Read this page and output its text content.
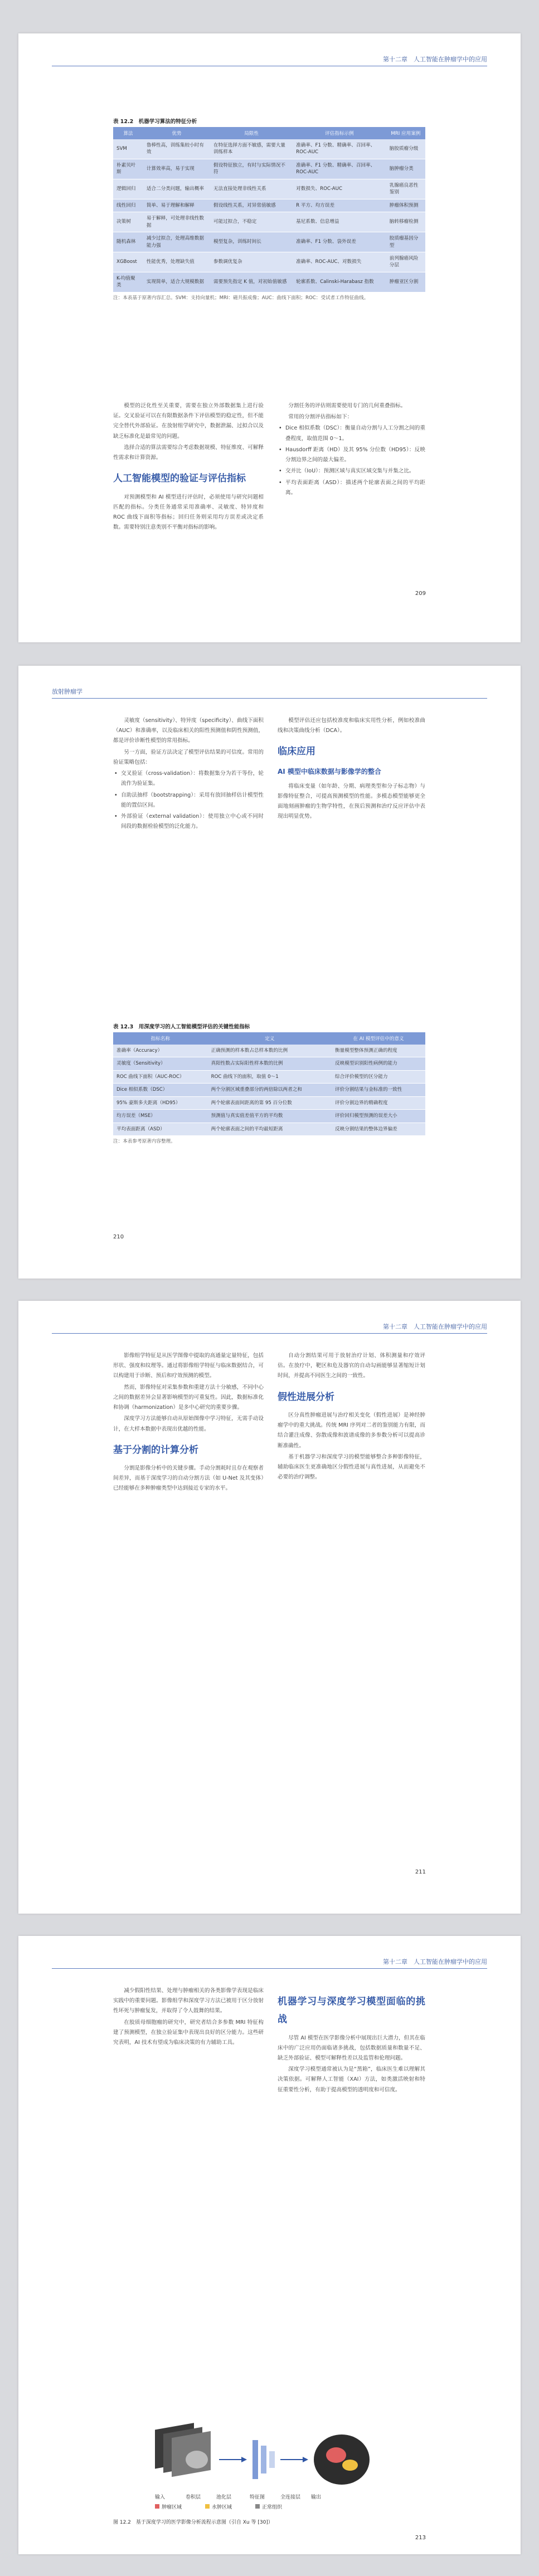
第十二章　人工智能在肿瘤学中的应用
表 12.2　机器学习算法的特征分析
算法	优势	局限性	评估指标示例	MRI 应用案例
SVM	鲁棒性高，训练集较小时有效	在特征选择方面不敏感，需要大量训练样本	准确率、F1 分数、精确率、召回率、ROC-AUC	脑胶质瘤分级
朴素贝叶斯	计算效率高，易于实现	假设特征独立，有时与实际情况不符	准确率、F1 分数、精确率、召回率、ROC-AUC	脑肿瘤分类
逻辑回归	适合二分类问题，输出概率	无法直接处理非线性关系	对数损失、ROC-AUC	乳腺癌良恶性鉴别
线性回归	简单、易于理解和解释	假设线性关系，对异常值敏感	R 平方、均方误差	肿瘤体积预测
决策树	易于解释，可处理非线性数据	可能过拟合，不稳定	基尼系数、信息增益	脑转移瘤检测
随机森林	减少过拟合，处理高维数据能力强	模型复杂，训练时间长	准确率、F1 分数、袋外误差	胶质瘤基因分型
XGBoost	性能优秀，处理缺失值	参数调优复杂	准确率、ROC-AUC、对数损失	前列腺癌风险分层
K-均值聚类	实现简单，适合大规模数据	需要预先指定 K 值，对初始值敏感	轮廓系数、Calinski-Harabasz 指数	肿瘤亚区分割
注：本表基于原著内容汇总。SVM：支持向量机；MRI：磁共振成像；AUC：曲线下面积；ROC：受试者工作特征曲线。

模型的泛化性至关重要，需要在独立外部数据集上进行验证。交叉验证可以在有限数据条件下评估模型的稳定性，但不能完全替代外部验证。在放射组学研究中，数据泄漏、过拟合以及缺乏标准化是最常见的问题。

选择合适的算法需要综合考虑数据规模、特征维度、可解释性需求和计算资源。

人工智能模型的验证与评估指标

对预测模型和 AI 模型进行评估时，必须使用与研究问题相匹配的指标。分类任务通常采用准确率、灵敏度、特异度和 ROC 曲线下面积等指标；回归任务则采用均方误差或决定系数。需要特别注意类别不平衡对指标的影响。

分割任务的评估则需要使用专门的几何重叠指标。

常用的分割评估指标如下：

• Dice 相似系数（DSC）：衡量自动分割与人工分割之间的重叠程度，取值范围 0～1。
• Hausdorff 距离（HD）及其 95% 分位数（HD95）：反映分割边界之间的最大偏差。
• 交并比（IoU）：预测区域与真实区域交集与并集之比。
• 平均表面距离（ASD）：描述两个轮廓表面之间的平均距离。
209
放射肿瘤学

灵敏度（sensitivity）、特异度（specificity）、曲线下面积（AUC）和准确率，以及临床相关的阳性预测值和阴性预测值，都是评价诊断性模型的常用指标。

另一方面，验证方法决定了模型评估结果的可信度。常用的验证策略包括：

• 交叉验证（cross-validation）：将数据集分为若干等份，轮流作为验证集。
• 自助法抽样（bootstrapping）：采用有放回抽样估计模型性能的置信区间。
• 外部验证（external validation）：使用独立中心或不同时间段的数据检验模型的泛化能力。

模型评估还应包括校准度和临床实用性分析，例如校准曲线和决策曲线分析（DCA）。

临床应用
AI 模型中临床数据与影像学的整合

将临床变量（如年龄、分期、病理类型和分子标志物）与影像特征整合，可提高预测模型的性能。多模态模型能够更全面地刻画肿瘤的生物学特性，在预后预测和治疗反应评估中表现出明显优势。

表 12.3　用深度学习的人工智能模型评估的关键性能指标
指标名称	定义	在 AI 模型评估中的意义
准确率（Accuracy）	正确预测的样本数占总样本数的比例	衡量模型整体预测正确的程度
灵敏度（Sensitivity）	真阳性数占实际阳性样本数的比例	反映模型识别阳性病例的能力
ROC 曲线下面积（AUC-ROC）	ROC 曲线下的面积，取值 0～1	综合评价模型的区分能力
Dice 相似系数（DSC）	两个分割区域重叠部分的两倍除以两者之和	评价分割结果与金标准的一致性
95% 豪斯多夫距离（HD95）	两个轮廓表面间距离的第 95 百分位数	评价分割边界的精确程度
均方误差（MSE）	预测值与真实值差值平方的平均数	评价回归模型预测的误差大小
平均表面距离（ASD）	两个轮廓表面之间的平均最短距离	反映分割结果的整体边界偏差
注：本表参考原著内容整理。
210
第十二章　人工智能在肿瘤学中的应用

影像组学特征是从医学图像中提取的高通量定量特征，包括形状、强度和纹理等。通过将影像组学特征与临床数据结合，可以构建用于诊断、预后和疗效预测的模型。

然而，影像特征对采集参数和重建方法十分敏感，不同中心之间的数据差异会显著影响模型的可重复性。因此，数据标准化和协调（harmonization）是多中心研究的重要步骤。

深度学习方法能够自动从原始图像中学习特征，无需手动设计，在大样本数据中表现出优越的性能。

基于分割的计算分析

分割是影像分析中的关键步骤。手动分割耗时且存在观察者间差异，而基于深度学习的自动分割方法（如 U-Net 及其变体）已经能够在多种肿瘤类型中达到接近专家的水平。

自动分割结果可用于放射治疗计划、体积测量和疗效评估。在放疗中，靶区和危及器官的自动勾画能够显著缩短计划时间，并提高不同医生之间的一致性。

假性进展分析

区分真性肿瘤进展与治疗相关变化（假性进展）是神经肿瘤学中的重大挑战。传统 MRI 序列对二者的鉴别能力有限，而结合灌注成像、弥散成像和波谱成像的多参数分析可以提高诊断准确性。

基于机器学习和深度学习的模型能够整合多种影像特征，辅助临床医生更准确地区分假性进展与真性进展，从而避免不必要的治疗调整。

211
第十二章　人工智能在肿瘤学中的应用

减少假阳性结果、处理与肿瘤相关的各类影像学表现是临床实践中的重要问题。影像组学和深度学习方法已被用于区分放射性坏死与肿瘤复发，并取得了令人鼓舞的结果。

在胶质母细胞瘤的研究中，研究者结合多参数 MRI 特征构建了预测模型，在独立验证集中表现出良好的区分能力。这些研究表明，AI 技术有望成为临床决策的有力辅助工具。

机器学习与深度学习模型面临的挑战

尽管 AI 模型在医学影像分析中展现出巨大潜力，但其在临床中的广泛应用仍面临诸多挑战，包括数据质量和数量不足、缺乏外部验证、模型可解释性差以及监管和伦理问题。

深度学习模型通常被认为是“黑箱”，临床医生难以理解其决策依据。可解释人工智能（XAI）方法，如类激活映射和特征重要性分析，有助于提高模型的透明度和可信度。

输入	卷积层	池化层	特征图	全连接层 输出
肿瘤区域	水肿区域	正常组织
图 12.2　基于深度学习的医学影像分析流程示意图（引自 Xu 等 [30]）
213
